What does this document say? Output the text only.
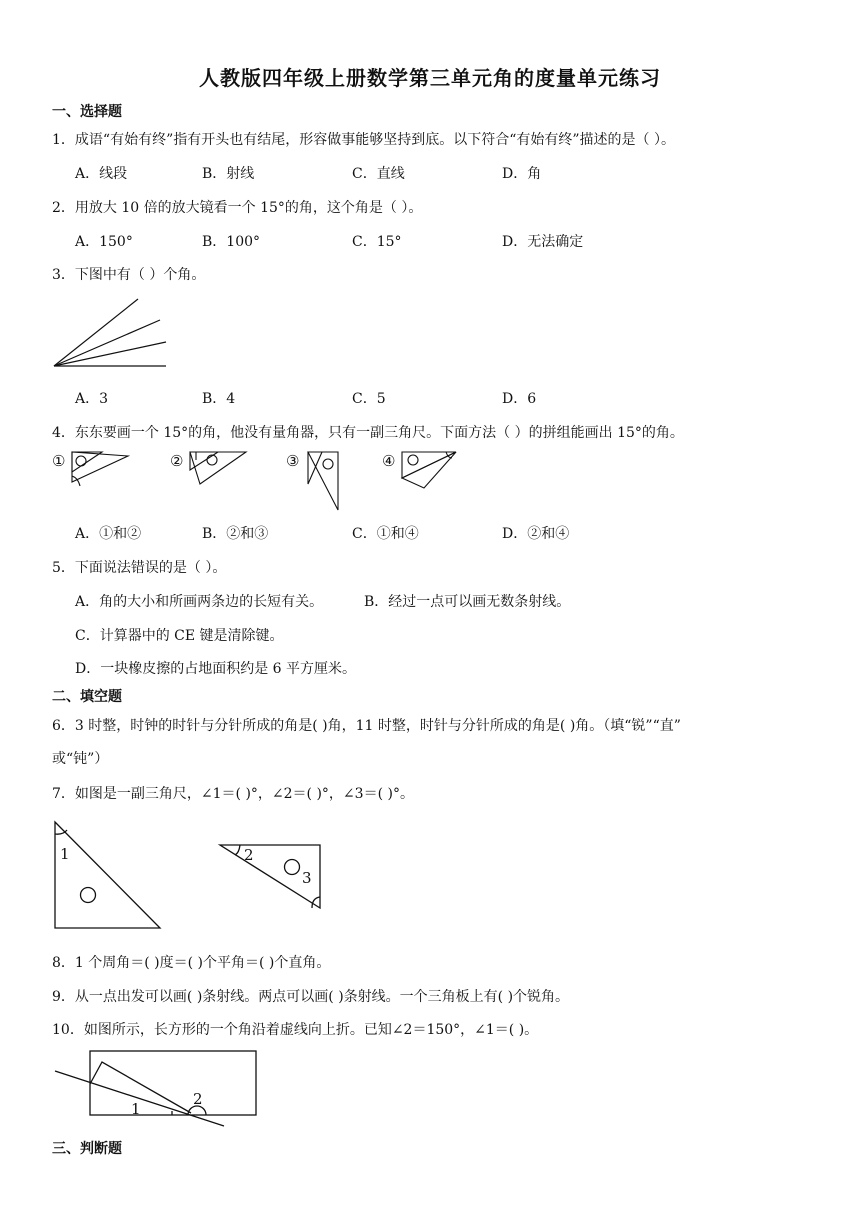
人教版四年级上册数学第三单元角的度量单元练习
一、选择题
1．成语“有始有终”指有开头也有结尾，形容做事能够坚持到底。以下符合“有始有终”描述的是（ ）。
A．线段	B．射线	C．直线	D．角
2．用放大 10 倍的放大镜看一个 15°的角，这个角是（ ）。
A．150°	B．100°	C．15°	D．无法确定
3．下图中有（ ）个角。
A．3	B．4	C．5	D．6
4．东东要画一个 15°的角，他没有量角器，只有一副三角尺。下面方法（ ）的拼组能画出 15°的角。
①	②	③	④
A．①和②	B．②和③	C．①和④	D．②和④
5．下面说法错误的是（ ）。
A．角的大小和所画两条边的长短有关。	B．经过一点可以画无数条射线。
C．计算器中的 CE 键是清除键。
D．一块橡皮擦的占地面积约是 6 平方厘米。
二、填空题
6．3 时整，时钟的时针与分针所成的角是( )角，11 时整，时针与分针所成的角是( )角。（填“锐”“直”
或“钝”）
7．如图是一副三角尺，∠1＝( )°，∠2＝( )°，∠3＝( )°。
1	2
3
8．1 个周角＝( )度＝( )个平角＝( )个直角。
9．从一点出发可以画( )条射线。两点可以画( )条射线。一个三角板上有( )个锐角。
10．如图所示，长方形的一个角沿着虚线向上折。已知∠2＝150°，∠1＝( )。
1
2
三、判断题
